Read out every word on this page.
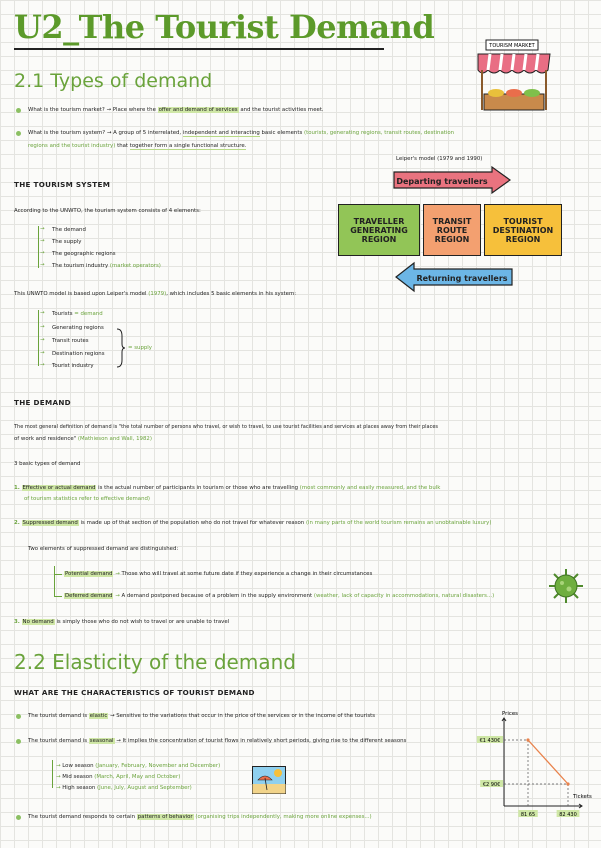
U2_The Tourist Demand	TOURISM MARKET
2.1 Types of demand
What is the tourism market? → Place where the offer and demand of services and the tourist activities meet.
What is the tourism system? → A group of 5 interrelated, independent and interacting basic elements (tourists, generating regions, transit routes, destination
regions and the tourist industry) that together form a single functional structure.
Leiper's model (1979 and 1990)
Departing travellers
TRAVELLER
GENERATING
REGION
TRANSIT
ROUTE
REGION
TOURIST
DESTINATION
REGION
Returning travellers
THE TOURISM SYSTEM
According to the UNWTO, the tourism system consists of 4 elements:
→ The demand
→ The supply
→ The geographic regions
→ The tourism industry (market operators)
This UNWTO model is based upon Leiper's model (1979), which includes 5 basic elements in his system:
→ Tourists = demand
→ Generating regions
→ Transit routes
→ Destination regions
→ Tourist industry
= supply
THE DEMAND
The most general definition of demand is "the total number of persons who travel, or wish to travel, to use tourist facilities and services at places away from their places
of work and residence" (Mathieson and Wall, 1982)
3 basic types of demand
1. Effective or actual demand is the actual number of participants in tourism or those who are travelling (most commonly and easily measured, and the bulk
of tourism statistics refer to effective demand)
2. Suppressed demand is made up of that section of the population who do not travel for whatever reason (in many parts of the world tourism remains an unobtainable luxury)
Two elements of suppressed demand are distinguished:
Potential demand → Those who will travel at some future date if they experience a change in their circumstances
Deferred demand → A demand postponed because of a problem in the supply environment (weather, lack of capacity in accommodations, natural disasters...)
3. No demand is simply those who do not wish to travel or are unable to travel
2.2 Elasticity of the demand
WHAT ARE THE CHARACTERISTICS OF TOURIST DEMAND
The tourist demand is elastic → Sensitive to the variations that occur in the price of the services or in the income of the tourists
The tourist demand is seasonal → It implies the concentration of tourist flows in relatively short periods, giving rise to the different seasons
→ Low season (January, February, November and December)
→ Mid season (March, April, May and October)
→ High season (June, July, August and September)
The tourist demand responds to certain patterns of behavior (organising trips independently, making more online expenses...)
Prices
Tickets
€1 430€
€2 90€
81 65	82 430
